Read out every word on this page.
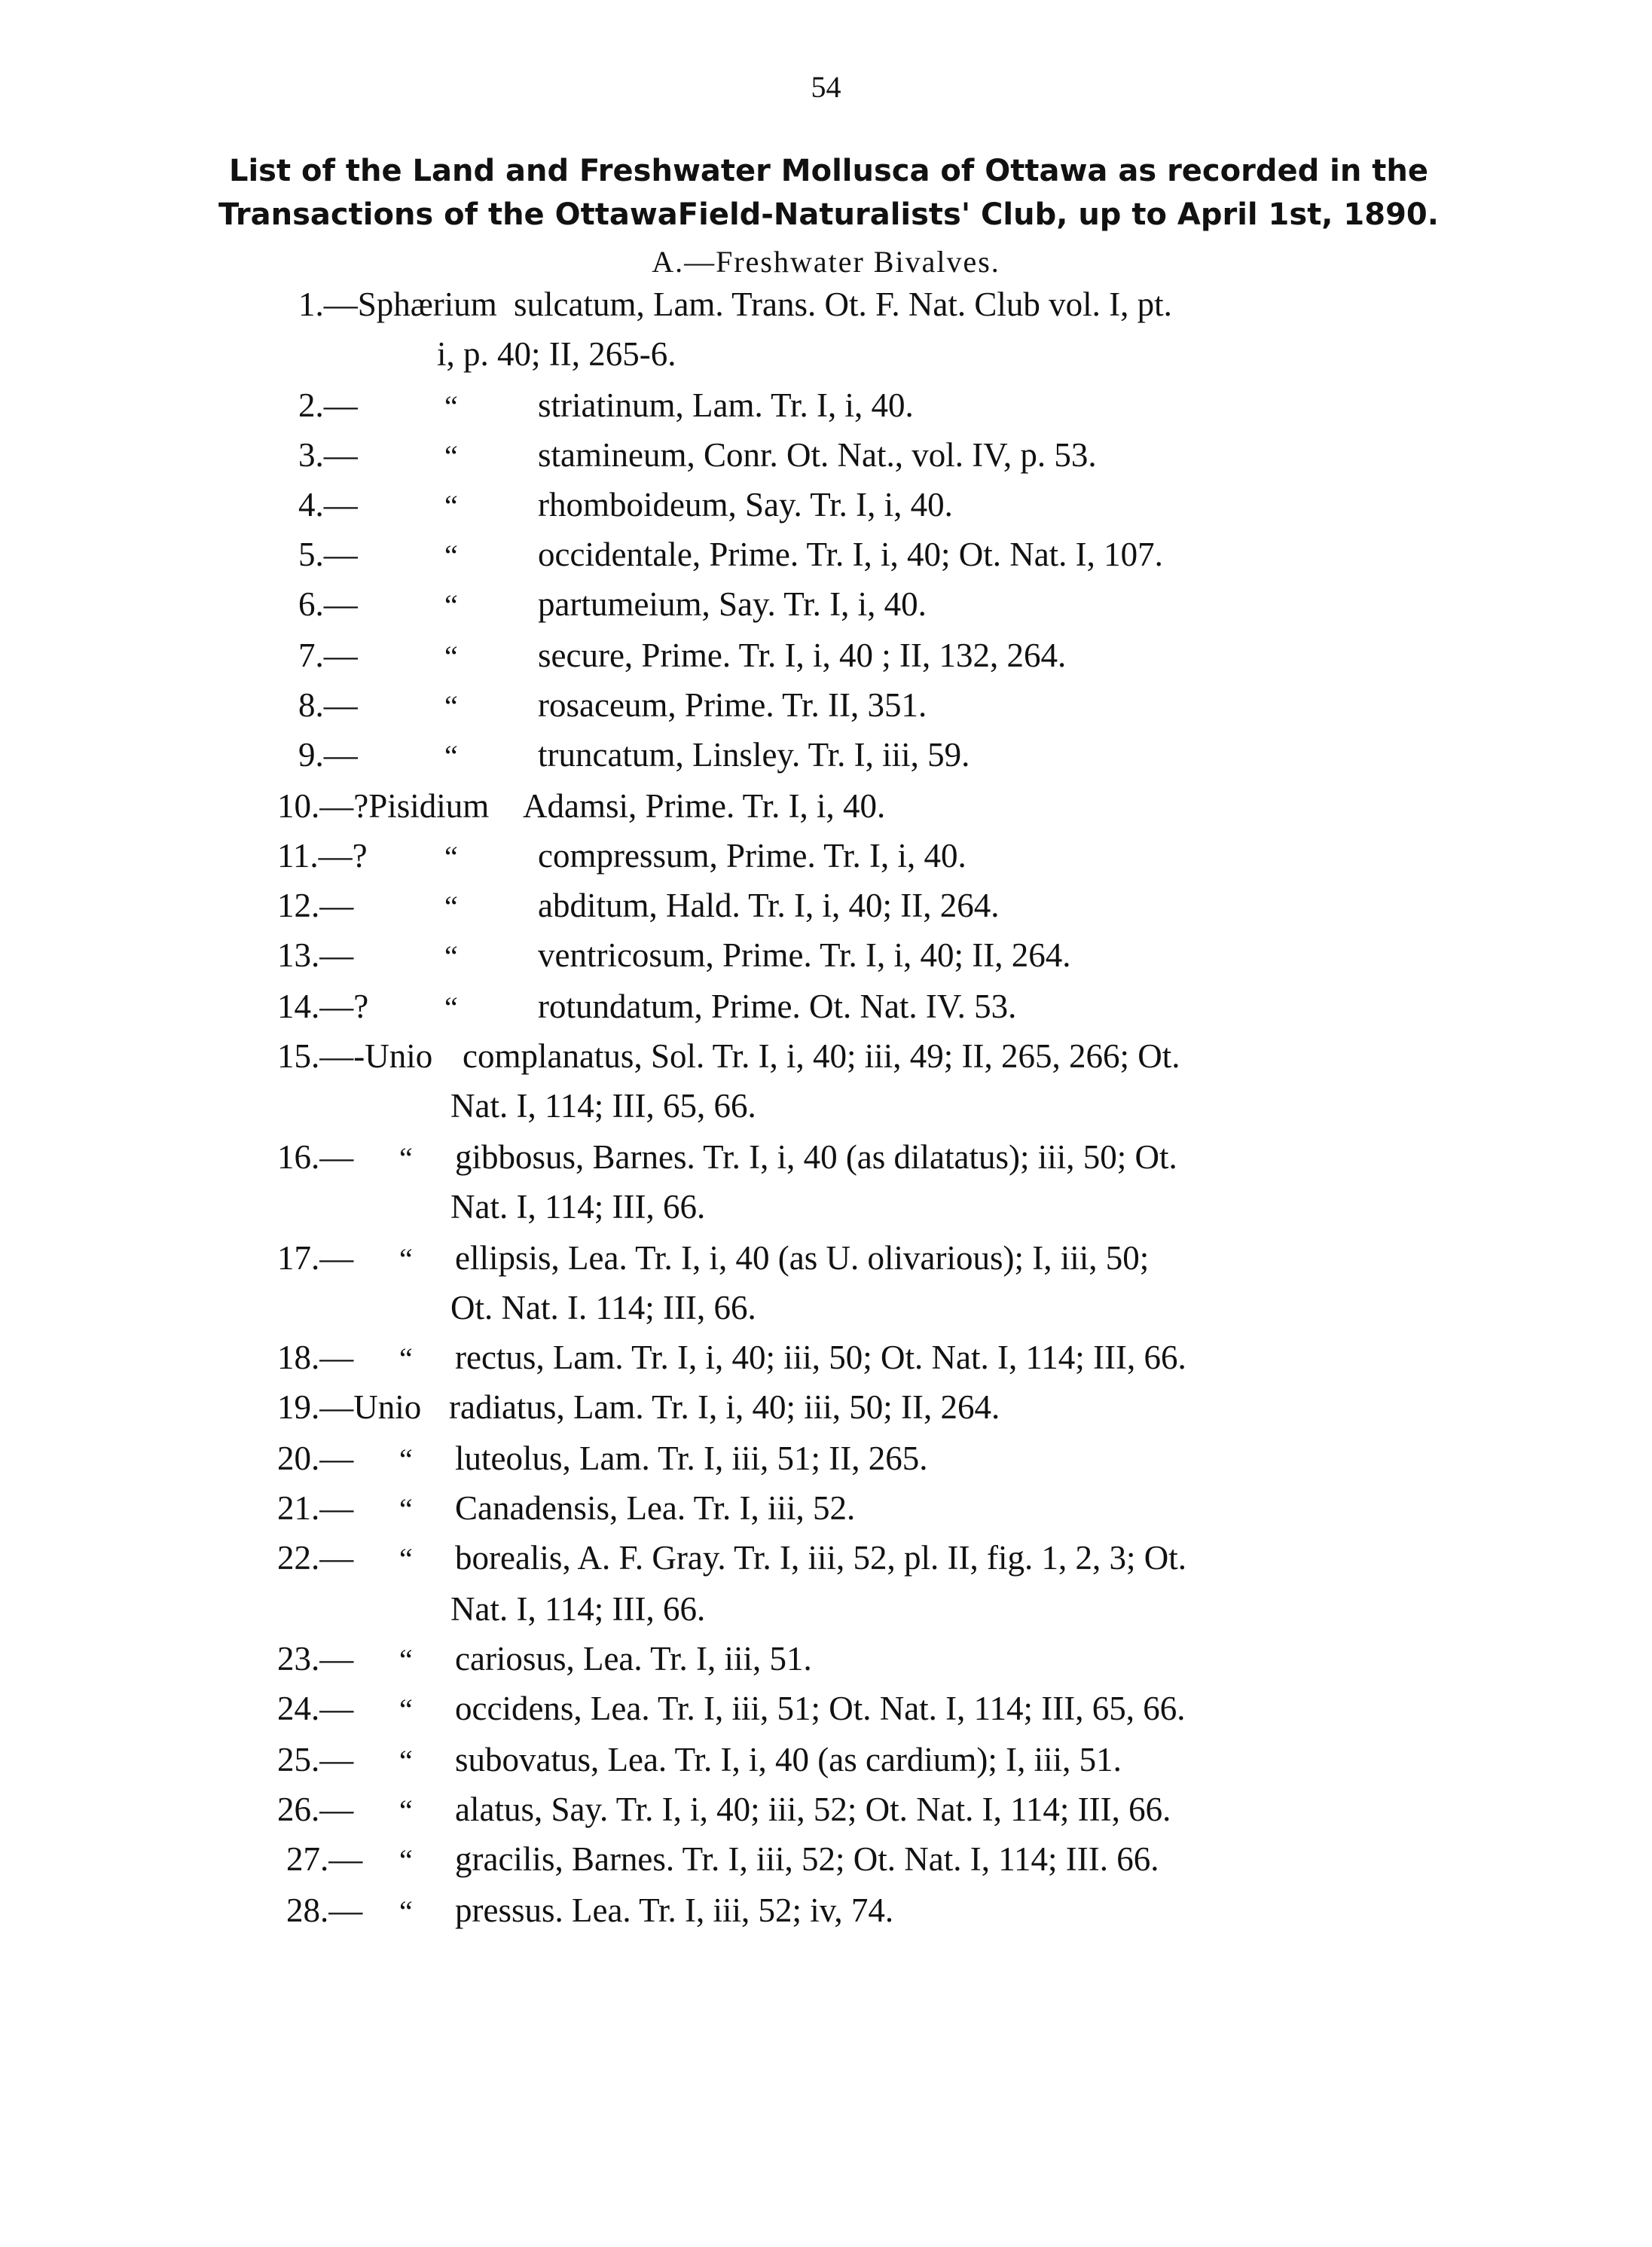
54
List of the Land and Freshwater Mollusca of Ottawa as recorded in the
Transactions of the OttawaField-Naturalists' Club, up to April 1st, 1890.
A.—Freshwater Bivalves.
1.—Sphærium sulcatum, Lam. Trans. Ot. F. Nat. Club vol. I, pt.
i, p. 40; II, 265-6.
2.—	“ striatinum, Lam. Tr. I, i, 40.
3.—	“ stamineum, Conr. Ot. Nat., vol. IV, p. 53.
4.—	“ rhomboideum, Say. Tr. I, i, 40.
5.—	“ occidentale, Prime. Tr. I, i, 40; Ot. Nat. I, 107.
6.—	“ partumeium, Say. Tr. I, i, 40.
7.—	“ secure, Prime. Tr. I, i, 40 ; II, 132, 264.
8.—	“ rosaceum, Prime. Tr. II, 351.
9.—	“ truncatum, Linsley. Tr. I, iii, 59.
10.—?Pisidium Adamsi, Prime. Tr. I, i, 40.
11.—?	“ compressum, Prime. Tr. I, i, 40.
12.—	“ abditum, Hald. Tr. I, i, 40; II, 264.
13.—	“ ventricosum, Prime. Tr. I, i, 40; II, 264.
14.—?	“ rotundatum, Prime. Ot. Nat. IV. 53.
15.—-Unio complanatus, Sol. Tr. I, i, 40; iii, 49; II, 265, 266; Ot.
Nat. I, 114; III, 65, 66.
16.— “ gibbosus, Barnes. Tr. I, i, 40 (as dilatatus); iii, 50; Ot.
Nat. I, 114; III, 66.
17.— “ ellipsis, Lea. Tr. I, i, 40 (as U. olivarious); I, iii, 50;
Ot. Nat. I. 114; III, 66.
18.— “ rectus, Lam. Tr. I, i, 40; iii, 50; Ot. Nat. I, 114; III, 66.
19.—Unio radiatus, Lam. Tr. I, i, 40; iii, 50; II, 264.
20.— “ luteolus, Lam. Tr. I, iii, 51; II, 265.
21.— “ Canadensis, Lea. Tr. I, iii, 52.
22.— “ borealis, A. F. Gray. Tr. I, iii, 52, pl. II, fig. 1, 2, 3; Ot.
Nat. I, 114; III, 66.
23.— “ cariosus, Lea. Tr. I, iii, 51.
24.— “ occidens, Lea. Tr. I, iii, 51; Ot. Nat. I, 114; III, 65, 66.
25.— “ subovatus, Lea. Tr. I, i, 40 (as cardium); I, iii, 51.
26.— “ alatus, Say. Tr. I, i, 40; iii, 52; Ot. Nat. I, 114; III, 66.
27.— “ gracilis, Barnes. Tr. I, iii, 52; Ot. Nat. I, 114; III. 66.
28.— “ pressus. Lea. Tr. I, iii, 52; iv, 74.
